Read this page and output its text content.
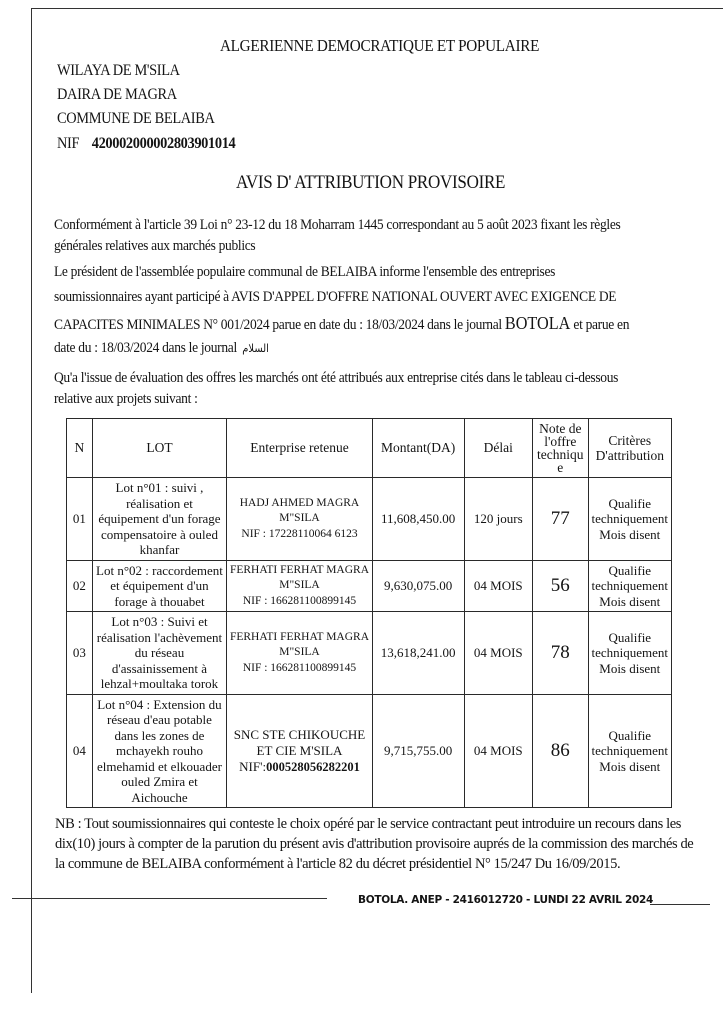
ALGERIENNE DEMOCRATIQUE ET POPULAIRE
WILAYA DE M'SILA
DAIRA DE MAGRA
COMMUNE DE BELAIBA
NIF 420002000002803901014
AVIS D' ATTRIBUTION PROVISOIRE
Conformément à l'article 39 Loi n° 23-12 du 18 Moharram 1445 correspondant au 5 août 2023 fixant les règles
générales relatives aux marchés publics
Le président de l'assemblée populaire communal de BELAIBA informe l'ensemble des entreprises
soumissionnaires ayant participé à AVIS D'APPEL D'OFFRE NATIONAL OUVERT AVEC EXIGENCE DE
CAPACITES MINIMALES N° 001/2024 parue en date du : 18/03/2024 dans le journal BOTOLA et parue en
date du : 18/03/2024 dans le journal السلام
Qu'a l'issue de évaluation des offres les marchés ont été attribués aux entreprise cités dans le tableau ci-dessous
relative aux projets suivant :
N	LOT	Enterprise retenue	Montant(DA)	Délai	Note de l'offre technique	Critères D'attribution
01	Lot n°01 : suivi , réalisation et équipement d'un forage compensatoire à ouled khanfar	HADJ AHMED MAGRA M"SILA
NIF : 17228110064 6123	11,608,450.00	120 jours	77	Qualifie techniquement Mois disent
02	Lot n°02 : raccordement et équipement d'un forage à thouabet	FERHATI FERHAT MAGRA M"SILA
NIF : 166281100899145	9,630,075.00	04 MOIS	56	Qualifie techniquement Mois disent
03	Lot n°03 : Suivi et réalisation l'achèvement du réseau d'assainissement à lehzal+moultaka torok	FERHATI FERHAT MAGRA M"SILA
NIF : 166281100899145	13,618,241.00	04 MOIS	78	Qualifie techniquement Mois disent
04	Lot n°04 : Extension du réseau d'eau potable dans les zones de mchayekh rouho elmehamid et elkouader ouled Zmira et Aichouche	SNC STE CHIKOUCHE ET CIE M'SILA
NIF':000528056282201	9,715,755.00	04 MOIS	86	Qualifie techniquement Mois disent
NB : Tout soumissionnaires qui conteste le choix opéré par le service contractant peut introduire un recours dans les dix(10) jours à compter de la parution du présent avis d'attribution provisoire auprés de la commission des marchés de la commune de BELAIBA conformément à l'article 82 du décret présidentiel N° 15/247 Du 16/09/2015.
BOTOLA. ANEP - 2416012720 - LUNDI 22 AVRIL 2024
